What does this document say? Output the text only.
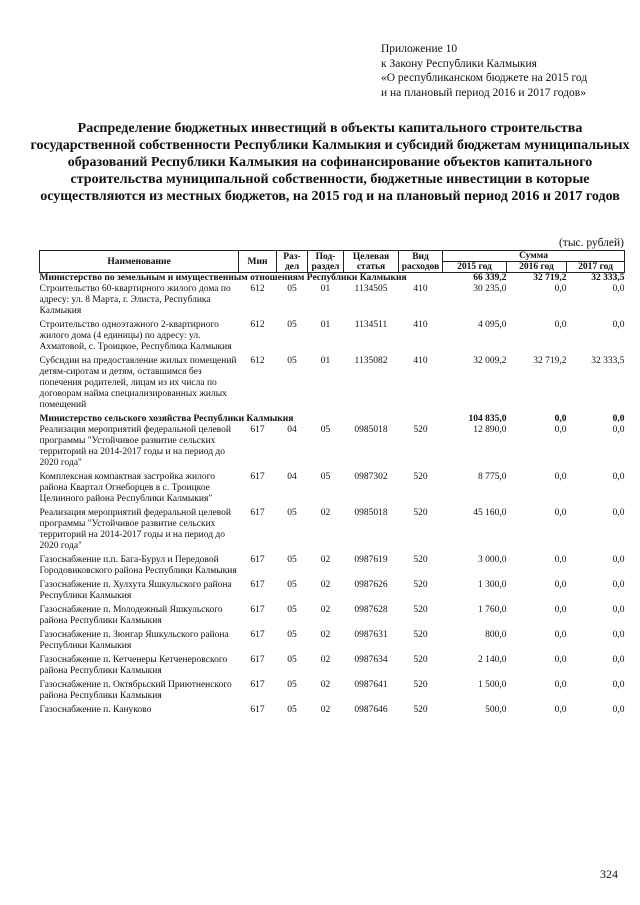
Приложение 10
к Закону Республики Калмыкия
«О республиканском бюджете на 2015 год
и на плановый период 2016 и 2017 годов»
Распределение бюджетных инвестиций в объекты капитального строительства государственной собственности Республики Калмыкия и субсидий бюджетам муниципальных образований Республики Калмыкия на софинансирование объектов капитального строительства муниципальной собственности, бюджетные инвестиции в которые осуществляются из местных бюджетов, на 2015 год и на плановый период 2016 и 2017 годов
(тыс. рублей)
Наименование	Мин	Раз-дел	Под-раздел	Целевая статья	Вид расходов	Сумма		
						2015 год	2016 год	2017 год
Министерство по земельным и имущественным отношениям Республики Калмыкия						66 339,2	32 719,2	32 333,5
Строительство 60-квартирного жилого дома по адресу: ул. 8 Марта, г. Элиста, Республика Калмыкия	612	05	01	1134505	410	30 235,0	0,0	0,0
Строительство одноэтажного 2-квартирного жилого дома (4 единицы) по адресу: ул. Ахматовой, с. Троицкое, Республика Калмыкия	612	05	01	1134511	410	4 095,0	0,0	0,0
Субсидии на предоставление жилых помещений детям-сиротам и детям, оставшимся без попечения родителей, лицам из их числа по договорам найма специализированных жилых помещений	612	05	01	1135082	410	32 009,2	32 719,2	32 333,5
Министерство сельского хозяйства Республики Калмыкия						104 835,0	0,0	0,0
Реализация мероприятий федеральной целевой программы "Устойчивое развитие сельских территорий на 2014-2017 годы и на период до 2020 года"	617	04	05	0985018	520	12 890,0	0,0	0,0
Комплексная компактная застройка жилого района Квартал Огнеборцев в с. Троицкое Целинного района Республики Калмыкия"	617	04	05	0987302	520	8 775,0	0,0	0,0
Реализация мероприятий федеральной целевой программы "Устойчивое развитие сельских территорий на 2014-2017 годы и на период до 2020 года"	617	05	02	0985018	520	45 160,0	0,0	0,0
Газоснабжение п.п. Бага-Бурул и Передовой Городовиковского района Республики Калмыкия	617	05	02	0987619	520	3 000,0	0,0	0,0
Газоснабжение п. Хулхута Яшкульского района Республики Калмыкия	617	05	02	0987626	520	1 300,0	0,0	0,0
Газоснабжение п. Молодежный Яшкульского района Республики Калмыкия	617	05	02	0987628	520	1 760,0	0,0	0,0
Газоснабжение п. Зюнгар Яшкульского района Республики Калмыкия	617	05	02	0987631	520	800,0	0,0	0,0
Газоснабжение п. Кетченеры Кетченеровского района Республики Калмыкия	617	05	02	0987634	520	2 140,0	0,0	0,0
Газоснабжение п. Октябрьский Приютненского района Республики Калмыкия	617	05	02	0987641	520	1 500,0	0,0	0,0
Газоснабжение п. Кануково	617	05	02	0987646	520	500,0	0,0	0,0
324
